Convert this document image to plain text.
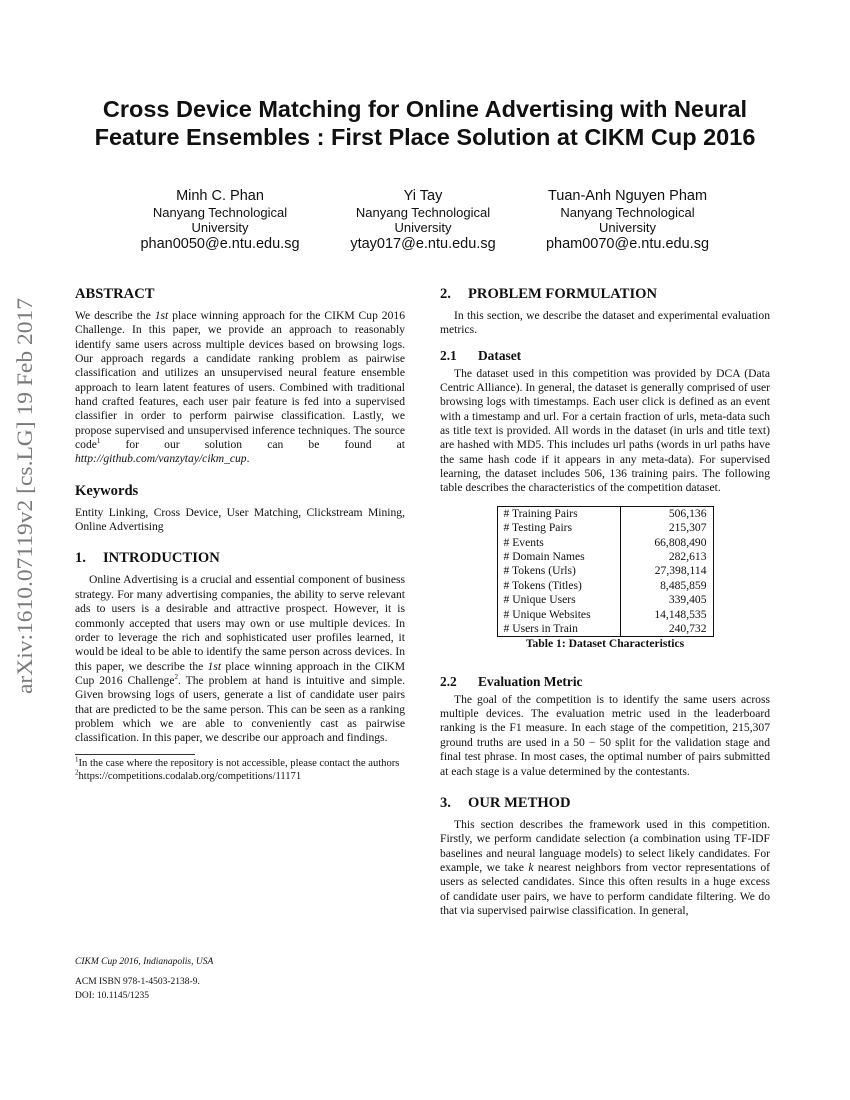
arXiv:1610.07119v2 [cs.LG] 19 Feb 2017
Cross Device Matching for Online Advertising with Neural
Feature Ensembles : First Place Solution at CIKM Cup 2016
Minh C. Phan
Nanyang Technological
University
phan0050@e.ntu.edu.sg
Yi Tay
Nanyang Technological
University
ytay017@e.ntu.edu.sg
Tuan-Anh Nguyen Pham
Nanyang Technological
University
pham0070@e.ntu.edu.sg
ABSTRACT

We describe the 1st place winning approach for the CIKM Cup 2016 Challenge. In this paper, we provide an approach to reasonably identify same users across multiple devices based on browsing logs. Our approach regards a candidate ranking problem as pairwise classification and utilizes an unsupervised neural feature ensemble approach to learn latent features of users. Combined with traditional hand crafted features, each user pair feature is fed into a supervised classifier in order to perform pairwise classification. Lastly, we propose supervised and unsupervised inference techniques. The source code$^1$ for our solution can be found at http://github.com/vanzytay/cikm_cup.

Keywords

Entity Linking, Cross Device, User Matching, Clickstream Mining, Online Advertising

1. INTRODUCTION

Online Advertising is a crucial and essential component of business strategy. For many advertising companies, the ability to serve relevant ads to users is a desirable and attractive prospect. However, it is commonly accepted that users may own or use multiple devices. In order to leverage the rich and sophisticated user profiles learned, it would be ideal to be able to identify the same person across devices. In this paper, we describe the 1st place winning approach in the CIKM Cup 2016 Challenge$^2$. The problem at hand is intuitive and simple. Given browsing logs of users, generate a list of candidate user pairs that are predicted to be the same person. This can be seen as a ranking problem which we are able to conveniently cast as pairwise classification. In this paper, we describe our approach and findings.

$^1$In the case where the repository is not accessible, please contact the authors

$^2$https://competitions.codalab.org/competitions/11171

CIKM Cup 2016, Indianapolis, USA
ACM ISBN 978-1-4503-2138-9.
DOI: 10.1145/1235
2. PROBLEM FORMULATION

In this section, we describe the dataset and experimental evaluation metrics.

2.1 Dataset

The dataset used in this competition was provided by DCA (Data Centric Alliance). In general, the dataset is generally comprised of user browsing logs with timestamps. Each user click is defined as an event with a timestamp and url. For a certain fraction of urls, meta-data such as title text is provided. All words in the dataset (in urls and title text) are hashed with MD5. This includes url paths (words in url paths have the same hash code if it appears in any meta-data). For supervised learning, the dataset includes 506, 136 training pairs. The following table describes the characteristics of the competition dataset.

# Training Pairs	506,136
# Testing Pairs	215,307
# Events	66,808,490
# Domain Names	282,613
# Tokens (Urls)	27,398,114
# Tokens (Titles)	8,485,859
# Unique Users	339,405
# Unique Websites	14,148,535
# Users in Train	240,732

Table 1: Dataset Characteristics

2.2 Evaluation Metric

The goal of the competition is to identify the same users across multiple devices. The evaluation metric used in the leaderboard ranking is the F1 measure. In each stage of the competition, 215,307 ground truths are used in a 50 − 50 split for the validation stage and final test phrase. In most cases, the optimal number of pairs submitted at each stage is a value determined by the contestants.

3. OUR METHOD

This section describes the framework used in this competition. Firstly, we perform candidate selection (a combination using TF-IDF baselines and neural language models) to select likely candidates. For example, we take k nearest neighbors from vector representations of users as selected candidates. Since this often results in a huge excess of candidate user pairs, we have to perform candidate filtering. We do that via supervised pairwise classification. In general,
